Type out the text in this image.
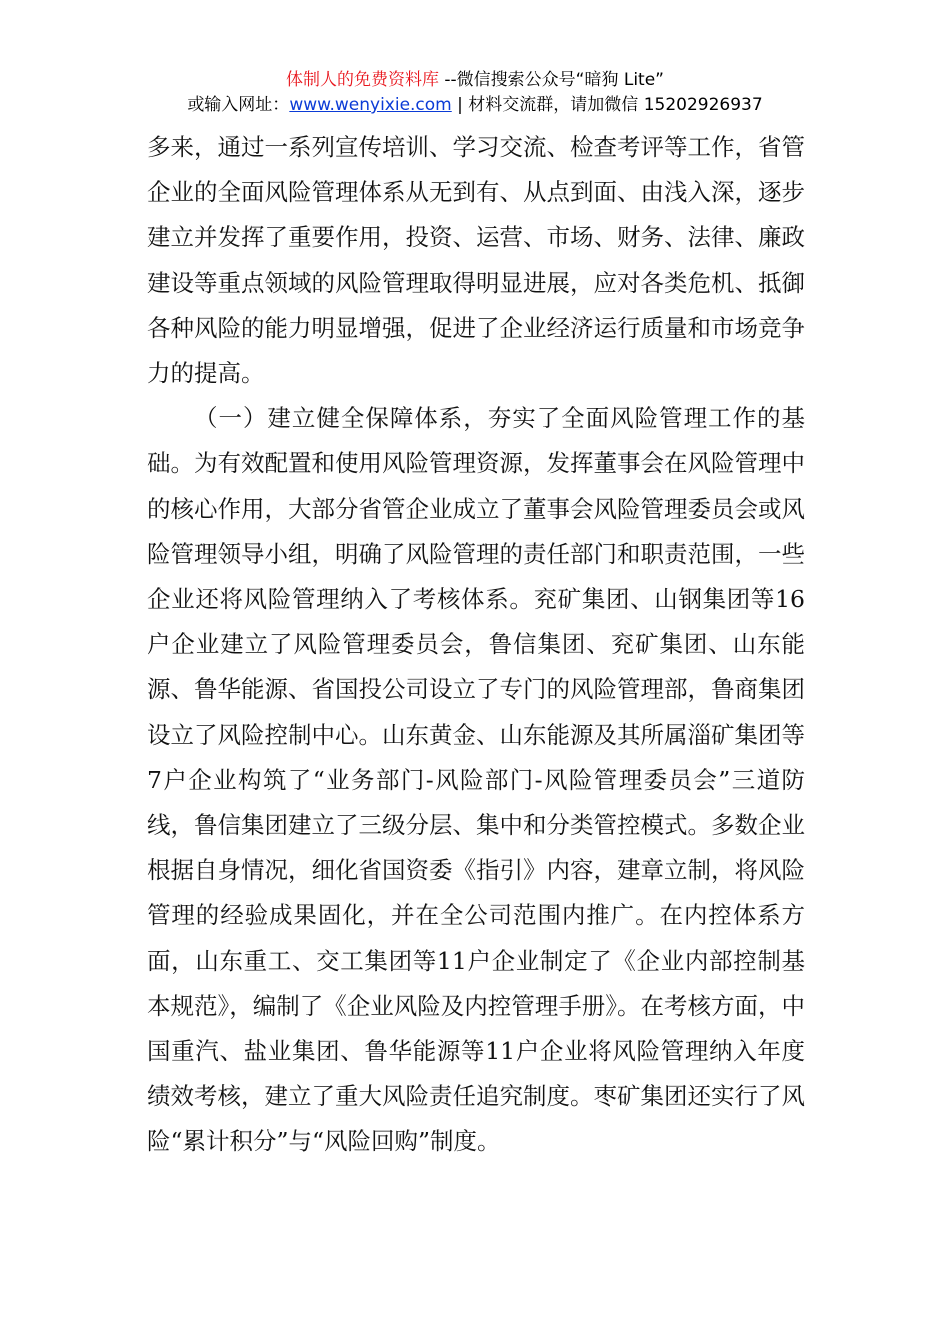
体制人的免费资料库 --微信搜索公众号“暗狗 Lite”
或输入网址：www.wenyixie.com | 材料交流群，请加微信 15202926937

多来，通过一系列宣传培训、学习交流、检查考评等工作，省管企业的全面风险管理体系从无到有、从点到面、由浅入深，逐步建立并发挥了重要作用，投资、运营、市场、财务、法律、廉政建设等重点领域的风险管理取得明显进展，应对各类危机、抵御各种风险的能力明显增强，促进了企业经济运行质量和市场竞争力的提高。

（一）建立健全保障体系，夯实了全面风险管理工作的基础。为有效配置和使用风险管理资源，发挥董事会在风险管理中的核心作用，大部分省管企业成立了董事会风险管理委员会或风险管理领导小组，明确了风险管理的责任部门和职责范围，一些企业还将风险管理纳入了考核体系。兖矿集团、山钢集团等16户企业建立了风险管理委员会，鲁信集团、兖矿集团、山东能源、鲁华能源、省国投公司设立了专门的风险管理部，鲁商集团设立了风险控制中心。山东黄金、山东能源及其所属淄矿集团等7户企业构筑了“业务部门-风险部门-风险管理委员会”三道防线，鲁信集团建立了三级分层、集中和分类管控模式。多数企业根据自身情况，细化省国资委《指引》内容，建章立制，将风险管理的经验成果固化，并在全公司范围内推广。在内控体系方面，山东重工、交工集团等11户企业制定了《企业内部控制基本规范》，编制了《企业风险及内控管理手册》。在考核方面，中国重汽、盐业集团、鲁华能源等11户企业将风险管理纳入年度绩效考核，建立了重大风险责任追究制度。枣矿集团还实行了风险“累计积分”与“风险回购”制度。
